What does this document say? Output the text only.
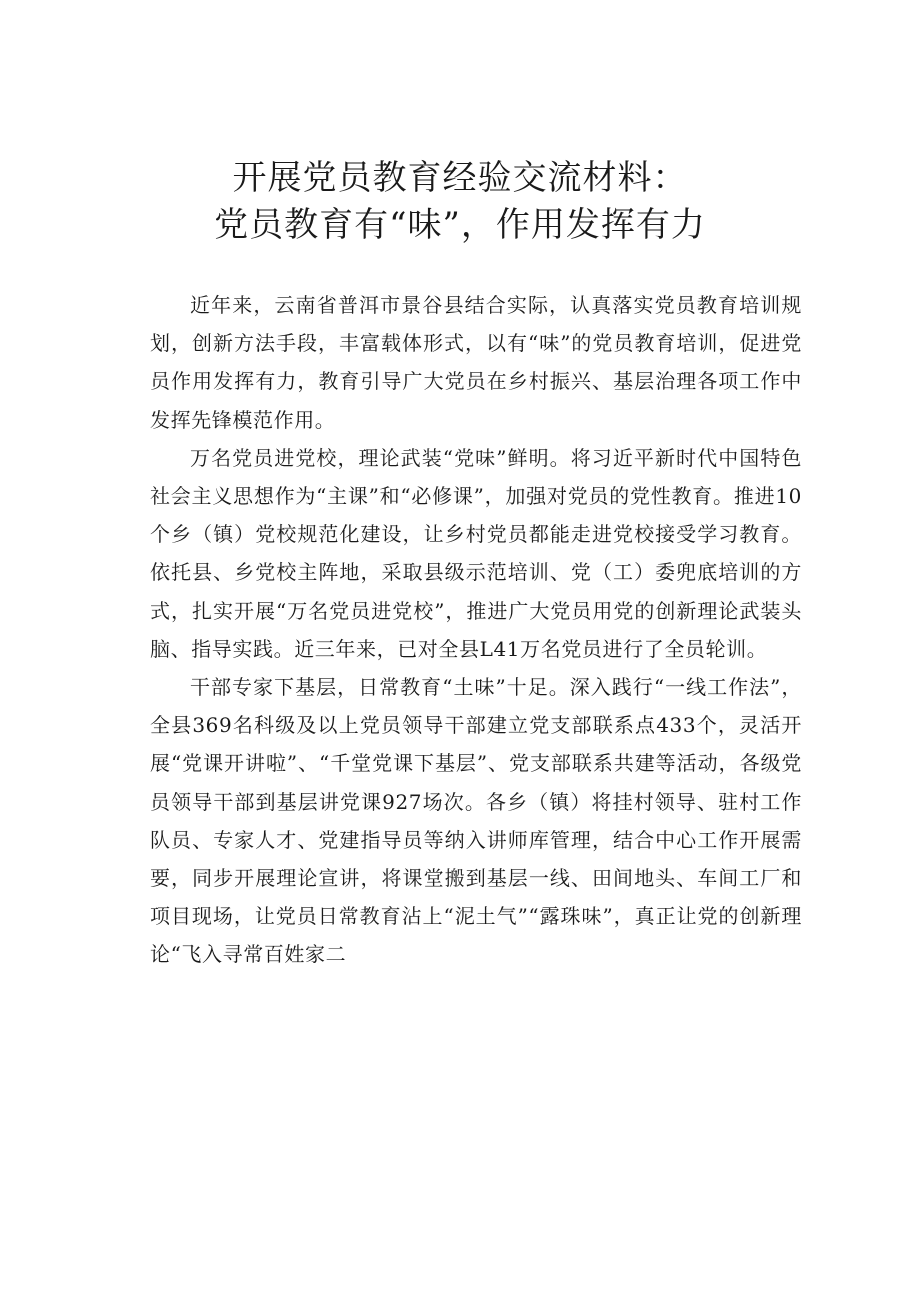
开展党员教育经验交流材料：
党员教育有“味”，作用发挥有力

近年来，云南省普洱市景谷县结合实际，认真落实党员教育培训规划，创新方法手段，丰富载体形式，以有“味”的党员教育培训，促进党员作用发挥有力，教育引导广大党员在乡村振兴、基层治理各项工作中发挥先锋模范作用。

万名党员进党校，理论武装“党味”鲜明。将习近平新时代中国特色社会主义思想作为“主课”和“必修课”，加强对党员的党性教育。推进10个乡（镇）党校规范化建设，让乡村党员都能走进党校接受学习教育。依托县、乡党校主阵地，采取县级示范培训、党（工）委兜底培训的方式，扎实开展“万名党员进党校”，推进广大党员用党的创新理论武装头脑、指导实践。近三年来，已对全县L41万名党员进行了全员轮训。

干部专家下基层，日常教育“土味”十足。深入践行“一线工作法”，全县369名科级及以上党员领导干部建立党支部联系点433个，灵活开展“党课开讲啦”、“千堂党课下基层”、党支部联系共建等活动，各级党员领导干部到基层讲党课927场次。各乡（镇）将挂村领导、驻村工作队员、专家人才、党建指导员等纳入讲师库管理，结合中心工作开展需要，同步开展理论宣讲，将课堂搬到基层一线、田间地头、车间工厂和项目现场，让党员日常教育沾上“泥土气”“露珠味”，真正让党的创新理论“飞入寻常百姓家二
